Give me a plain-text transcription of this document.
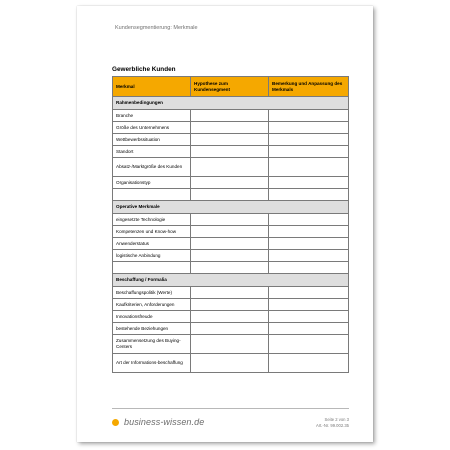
Kundensegmentierung: Merkmale
Gewerbliche Kunden
Merkmal	Hypothese zum Kundensegment	Bemerkung und Anpassung des Merkmals
Rahmenbedingungen		
Branche		
Größe des Unternehmens		
Wettbewerbssituation		
Standort		
Absatz-/Marktgröße des Kunden		
Organisationstyp		

Operative Merkmale		
eingesetzte Technologie		
Kompetenzen und Know-how		
Anwenderstatus		
logistische Anbindung		

Beschaffung / Formalia		
Beschaffungspolitik (Werte)		
Kaufkriterien, Anforderungen		
Innovationsfreude		
bestehende Beziehungen		
Zusammensetzung des Buying-Centers		
Art der Informations-beschaffung		
business-wissen.de	Seite 2 von 3
Art.-Nr. 99.002.35
